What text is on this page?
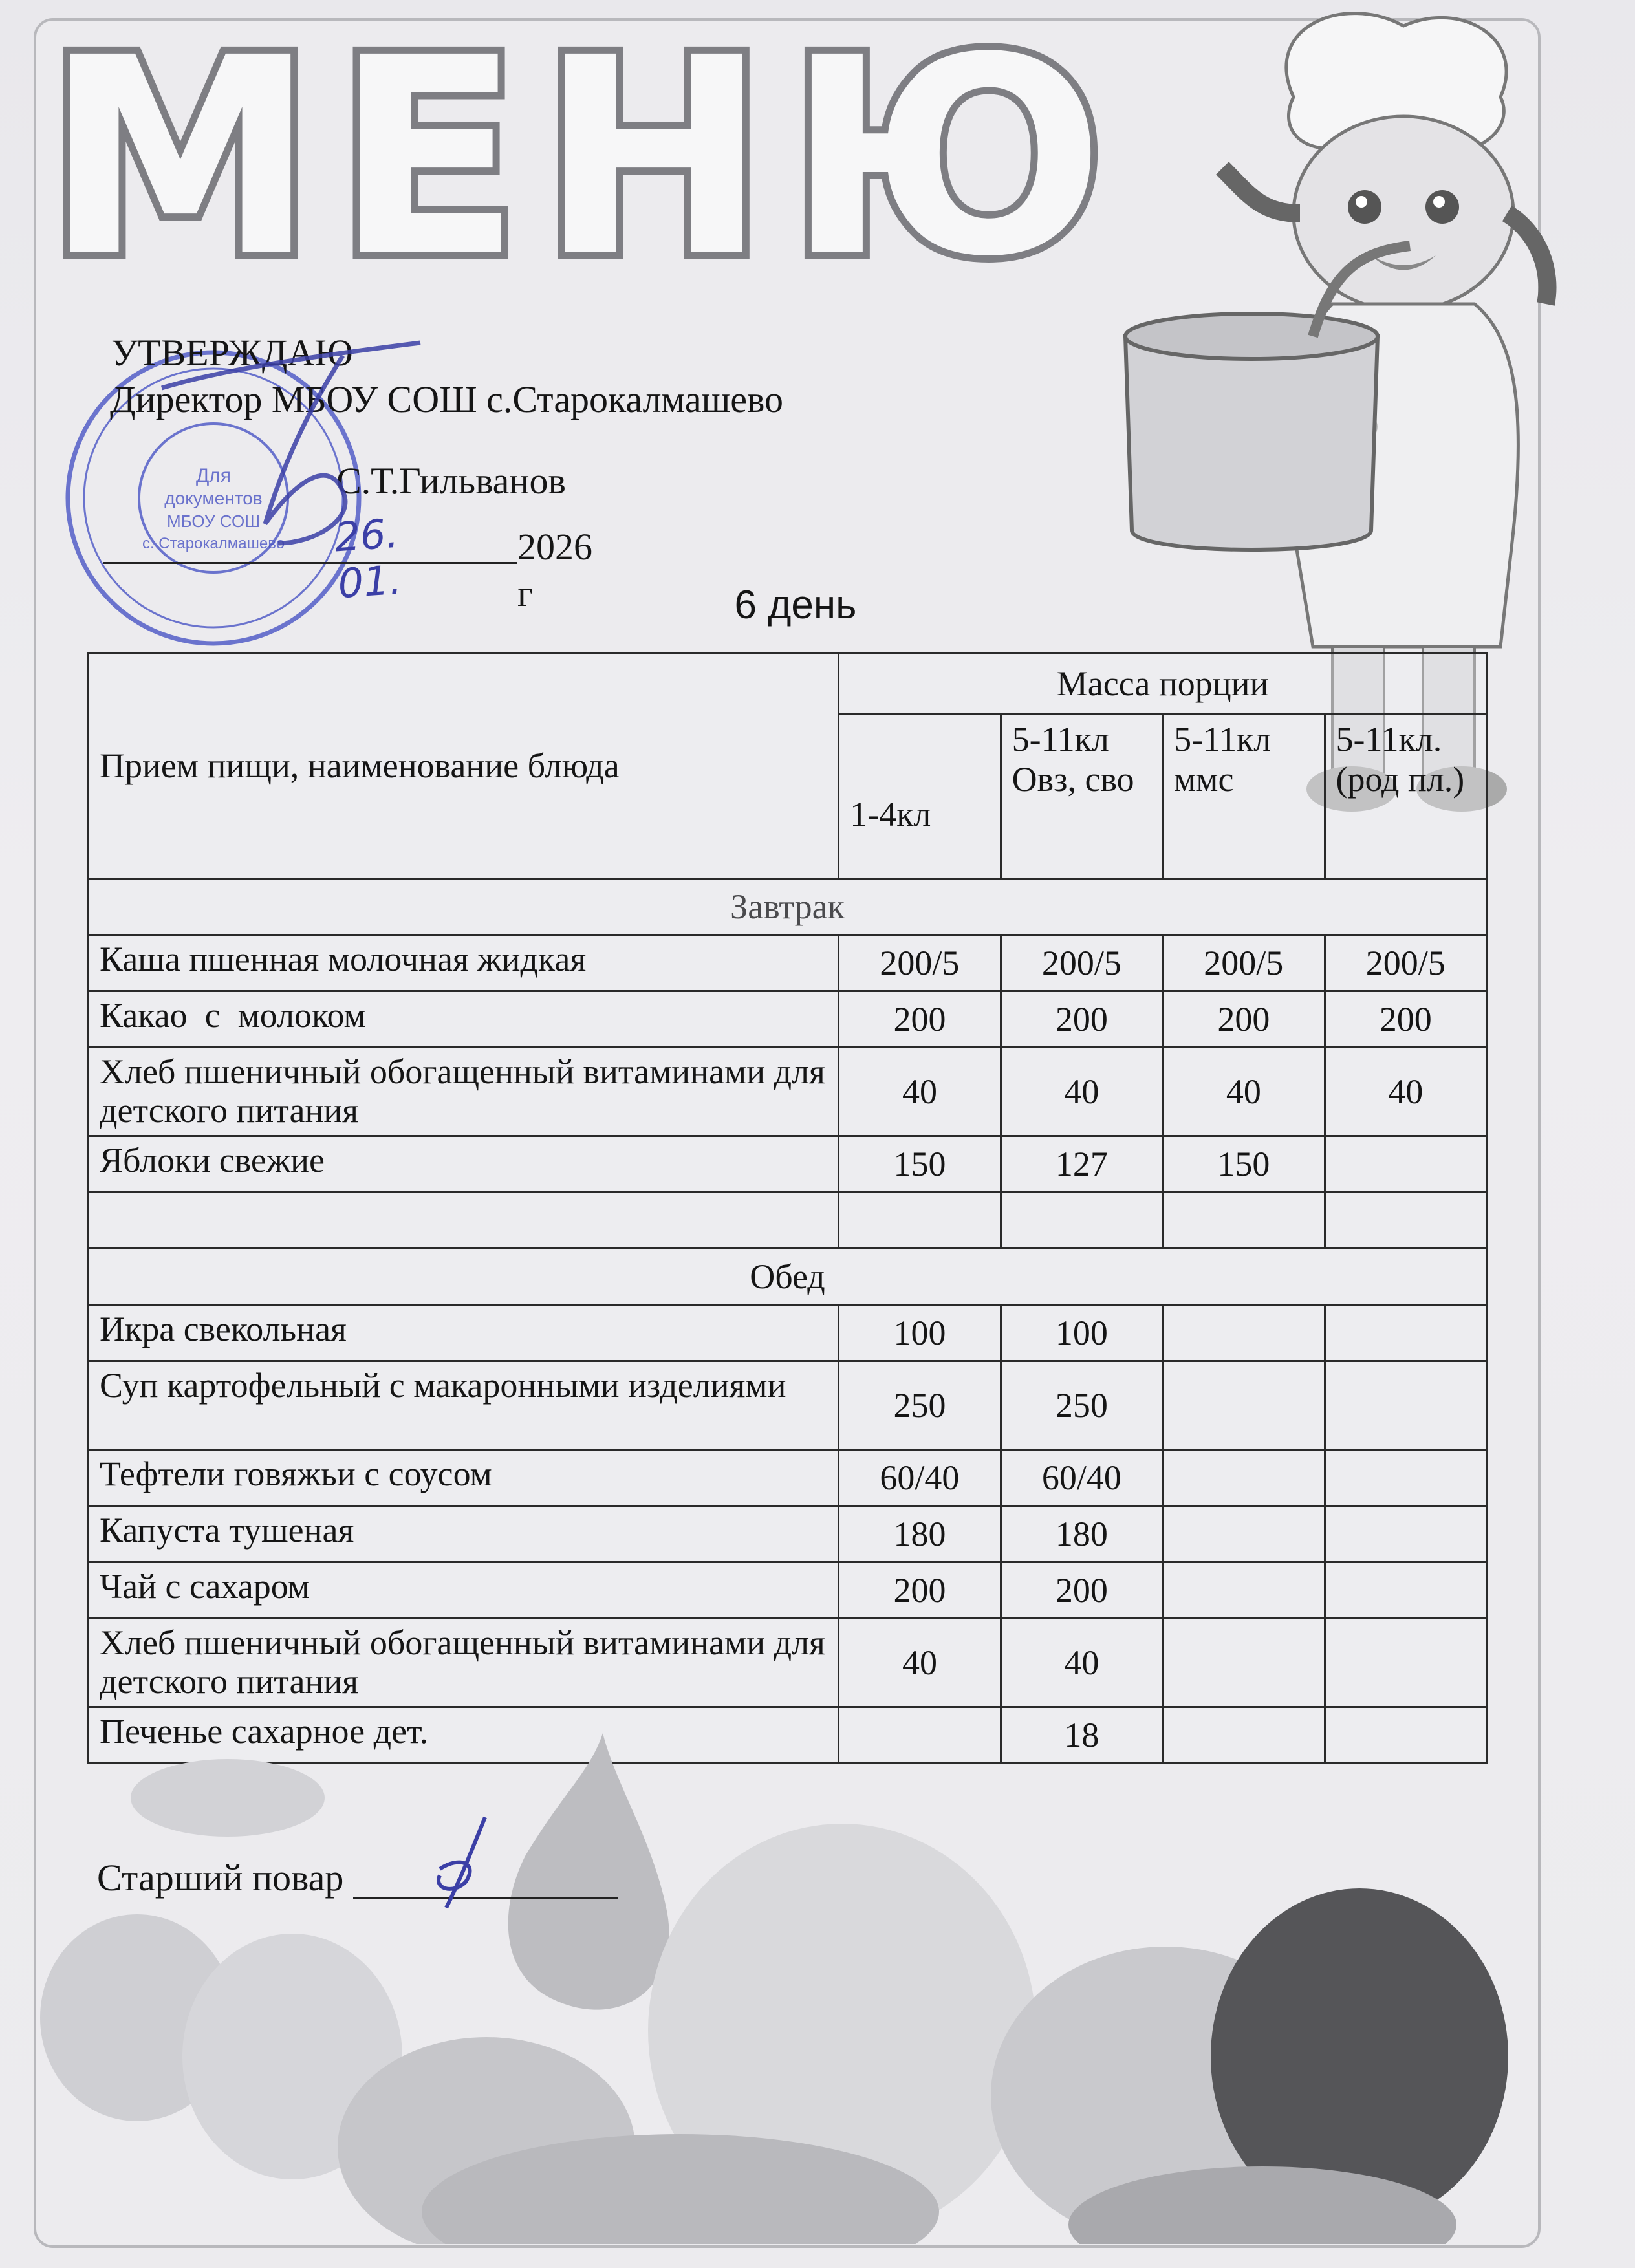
МЕНЮ
Для
документов
МБОУ СОШ
с. Старокалмашево
УТВЕРЖДАЮ
Директор МБОУ СОШ с.Старокалмашево
С.Т.Гильванов
26. 01.
2026 г	6 день
Прием пищи, наименование блюда	Масса порции			
	1-4кл	5-11кл Овз, сво	5-11кл ммс	5-11кл. (род пл.)
Завтрак				
Каша пшенная молочная жидкая	200/5	200/5	200/5	200/5
Какао  с  молоком	200	200	200	200
Хлеб пшеничный обогащенный витаминами для детского питания	40	40	40	40
Яблоки свежие	150	127	150	

Обед				
Икра свекольная	100	100		
Суп картофельный с макаронными изделиями	250	250		
Тефтели говяжьи с соусом	60/40	60/40		
Капуста тушеная	180	180		
Чай с сахаром	200	200		
Хлеб пшеничный обогащенный витаминами для детского питания	40	40		
Печенье сахарное дет.		18		
Старший повар
